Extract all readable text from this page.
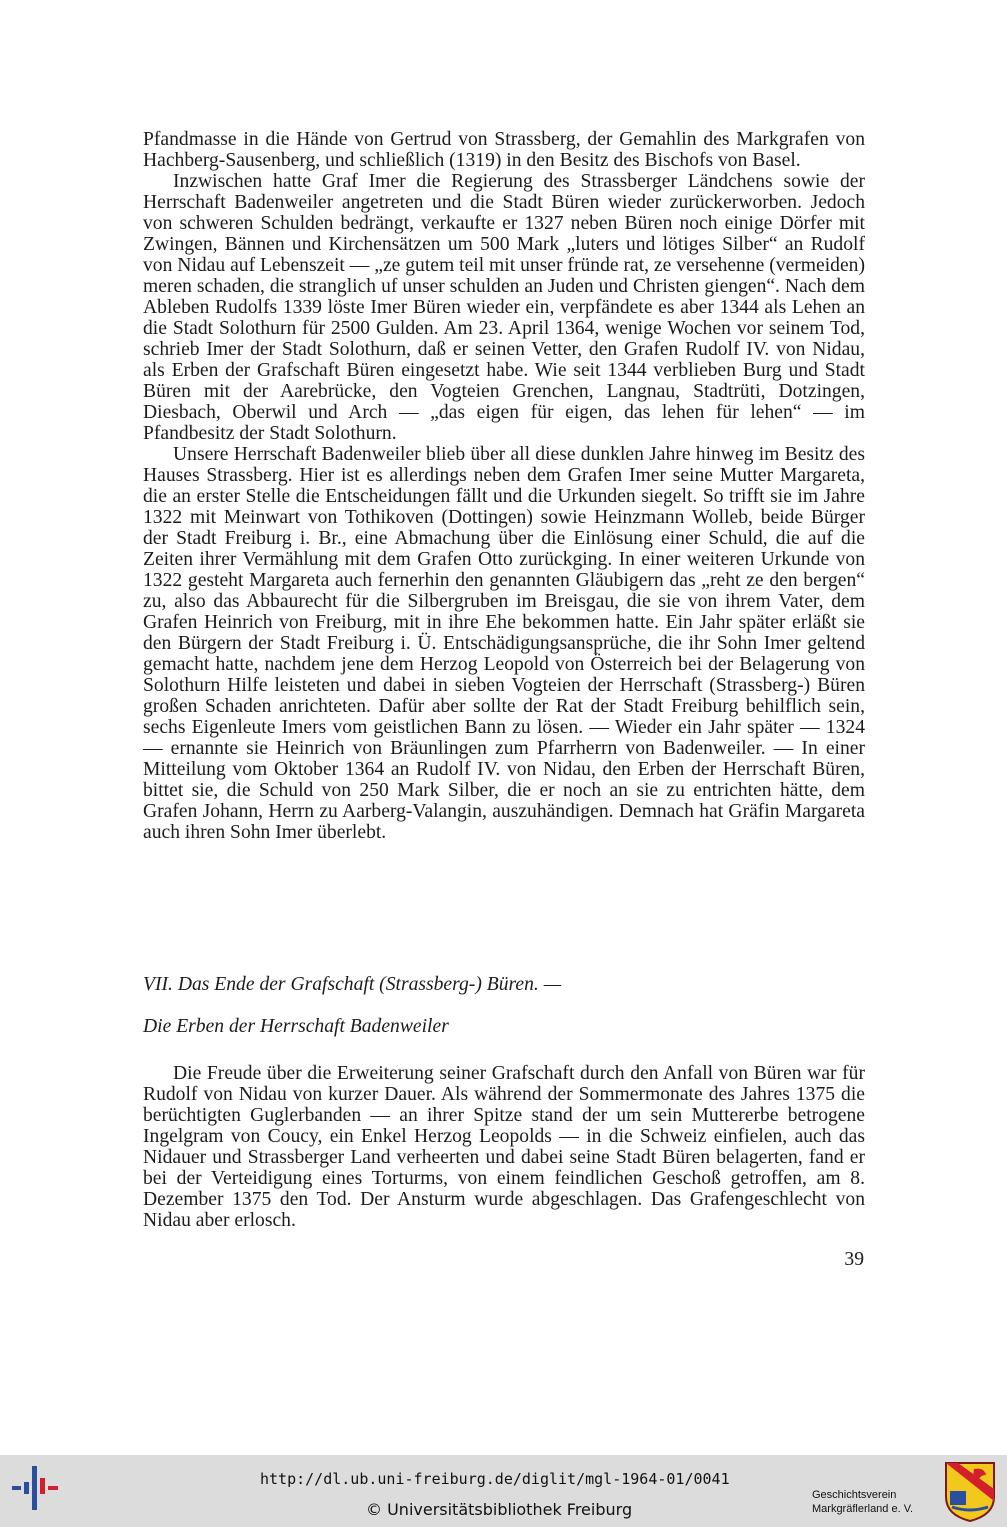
Pfandmasse in die Hände von Gertrud von Strassberg, der Gemahlin des Markgrafen von Hachberg-Sausenberg, und schließlich (1319) in den Besitz des Bischofs von Basel.

Inzwischen hatte Graf Imer die Regierung des Strassberger Ländchens sowie der Herrschaft Badenweiler angetreten und die Stadt Büren wieder zurückerworben. Jedoch von schweren Schulden bedrängt, verkaufte er 1327 neben Büren noch einige Dörfer mit Zwingen, Bännen und Kirchensätzen um 500 Mark „luters und lötiges Silber“ an Rudolf von Nidau auf Lebenszeit — „ze gutem teil mit unser fründe rat, ze versehenne (vermeiden) meren schaden, die stranglich uf unser schulden an Juden und Christen giengen“. Nach dem Ableben Rudolfs 1339 löste Imer Büren wieder ein, verpfändete es aber 1344 als Lehen an die Stadt Solothurn für 2500 Gulden. Am 23. April 1364, wenige Wochen vor seinem Tod, schrieb Imer der Stadt Solothurn, daß er seinen Vetter, den Grafen Rudolf IV. von Nidau, als Erben der Grafschaft Büren eingesetzt habe. Wie seit 1344 verblieben Burg und Stadt Büren mit der Aarebrücke, den Vogteien Grenchen, Langnau, Stadtrüti, Dotzingen, Diesbach, Oberwil und Arch — „das eigen für eigen, das lehen für lehen“ — im Pfandbesitz der Stadt Solothurn.

Unsere Herrschaft Badenweiler blieb über all diese dunklen Jahre hinweg im Besitz des Hauses Strassberg. Hier ist es allerdings neben dem Grafen Imer seine Mutter Margareta, die an erster Stelle die Entscheidungen fällt und die Urkunden siegelt. So trifft sie im Jahre 1322 mit Meinwart von Tothikoven (Dottingen) sowie Heinzmann Wolleb, beide Bürger der Stadt Freiburg i. Br., eine Abmachung über die Einlösung einer Schuld, die auf die Zeiten ihrer Vermählung mit dem Grafen Otto zurückging. In einer weiteren Urkunde von 1322 gesteht Margareta auch fernerhin den genannten Gläubigern das „reht ze den bergen“ zu, also das Abbaurecht für die Silbergruben im Breisgau, die sie von ihrem Vater, dem Grafen Heinrich von Freiburg, mit in ihre Ehe bekommen hatte. Ein Jahr später erläßt sie den Bürgern der Stadt Freiburg i. Ü. Entschädigungsansprüche, die ihr Sohn Imer geltend gemacht hatte, nachdem jene dem Herzog Leopold von Österreich bei der Belagerung von Solothurn Hilfe leisteten und dabei in sieben Vogteien der Herrschaft (Strassberg-) Büren großen Schaden anrichteten. Dafür aber sollte der Rat der Stadt Freiburg behilflich sein, sechs Eigenleute Imers vom geistlichen Bann zu lösen. — Wieder ein Jahr später — 1324 — ernannte sie Heinrich von Bräunlingen zum Pfarrherrn von Badenweiler. — In einer Mitteilung vom Oktober 1364 an Rudolf IV. von Nidau, den Erben der Herrschaft Büren, bittet sie, die Schuld von 250 Mark Silber, die er noch an sie zu entrichten hätte, dem Grafen Johann, Herrn zu Aarberg-Valangin, auszuhändigen. Demnach hat Gräfin Margareta auch ihren Sohn Imer überlebt.

VII. Das Ende der Grafschaft (Strassberg-) Büren. —

Die Erben der Herrschaft Badenweiler

Die Freude über die Erweiterung seiner Grafschaft durch den Anfall von Büren war für Rudolf von Nidau von kurzer Dauer. Als während der Sommermonate des Jahres 1375 die berüchtigten Guglerbanden — an ihrer Spitze stand der um sein Muttererbe betrogene Ingelgram von Coucy, ein Enkel Herzog Leopolds — in die Schweiz einfielen, auch das Nidauer und Strassberger Land verheerten und dabei seine Stadt Büren belagerten, fand er bei der Verteidigung eines Torturms, von einem feindlichen Geschoß getroffen, am 8. Dezember 1375 den Tod. Der Ansturm wurde abgeschlagen. Das Grafengeschlecht von Nidau aber erlosch.

39
http://dl.ub.uni-freiburg.de/diglit/mgl-1964-01/0041
© Universitätsbibliothek Freiburg
Geschichtsverein
Markgräflerland e. V.
